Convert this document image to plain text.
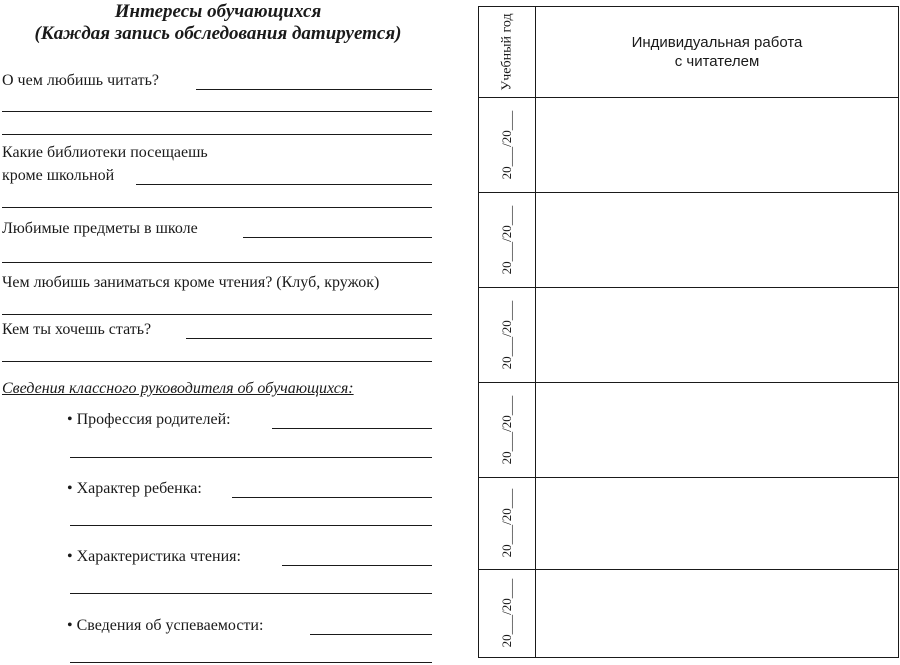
Интересы обучающихся

(Каждая запись обследования датируется)

О чем любишь читать?
Какие библиотеки посещаешь
кроме школьной
Любимые предметы в школе
Чем любишь заниматься кроме чтения? (Клуб, кружок)
Кем ты хочешь стать?
Сведения классного руководителя об обучающихся:
• Профессия родителей:
• Характер ребенка:
• Характеристика чтения:
• Сведения об успеваемости:
Учебный год	Индивидуальная работа
с читателем
20___/20___
20___/20___
20___/20___
20___/20___
20___/20___
20___/20___
